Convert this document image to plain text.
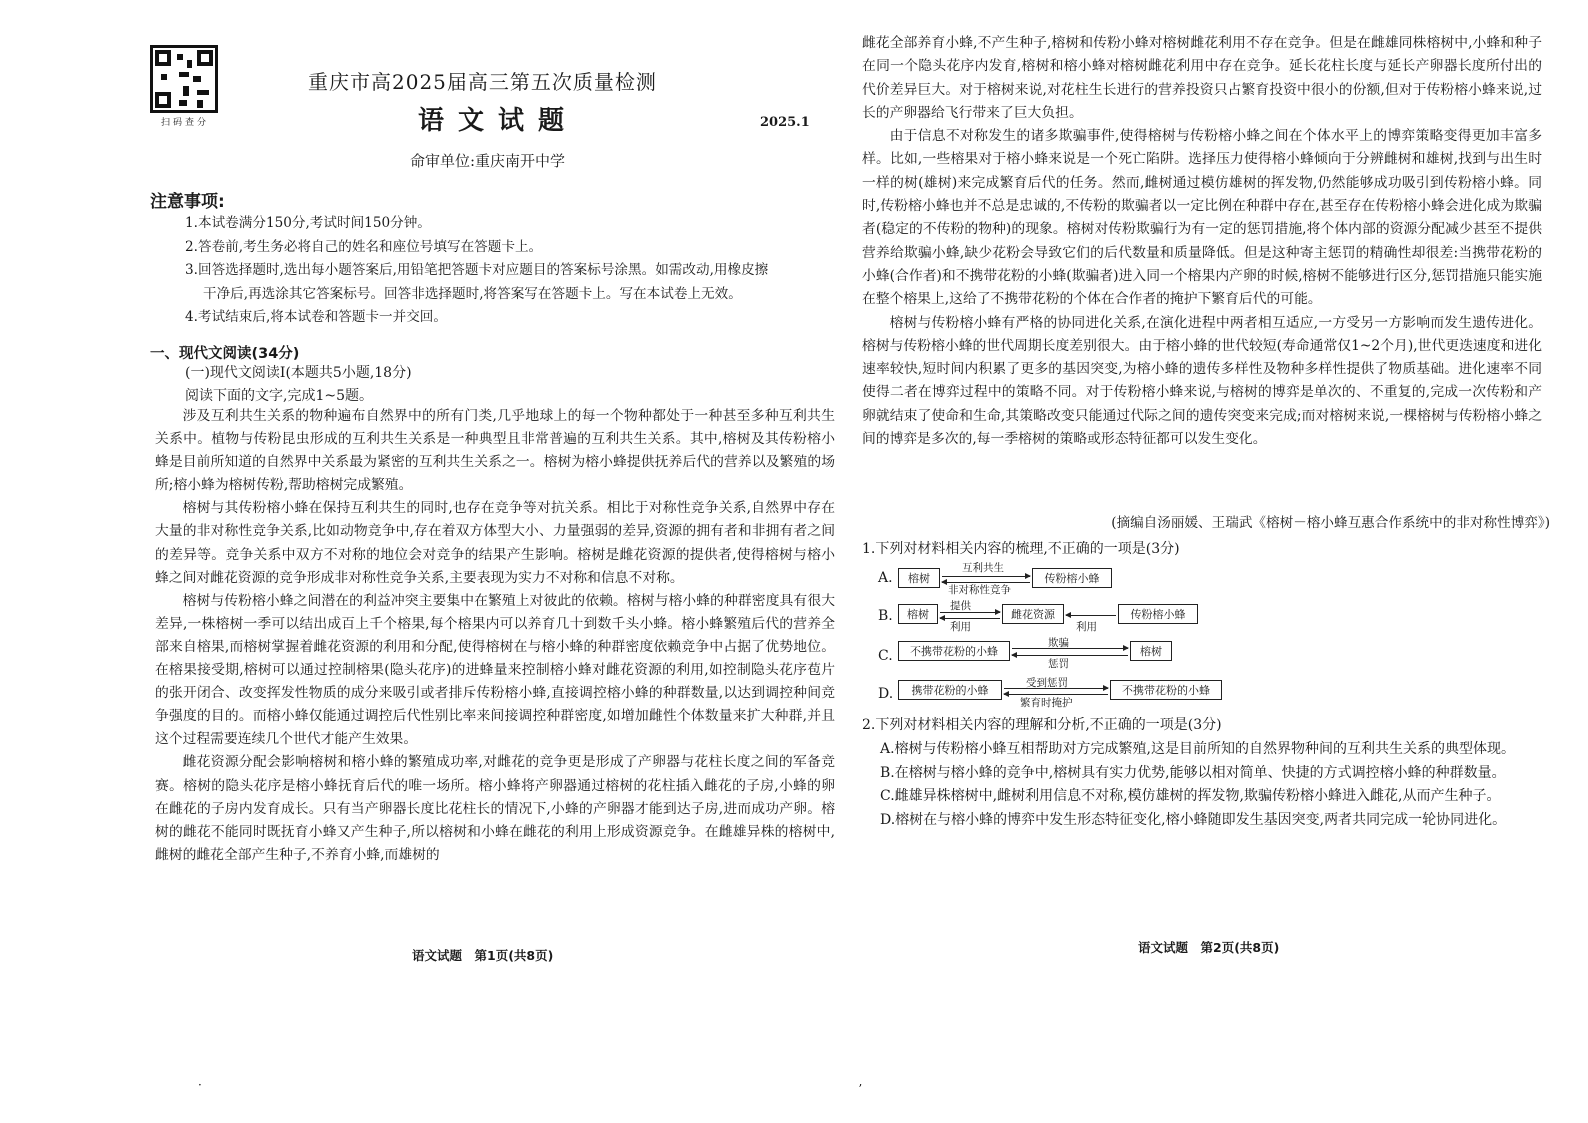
扫码查分
重庆市高2025届高三第五次质量检测
语文试题	2025.1
命审单位:重庆南开中学
注意事项:
1.本试卷满分150分,考试时间150分钟。
2.答卷前,考生务必将自己的姓名和座位号填写在答题卡上。
3.回答选择题时,选出每小题答案后,用铅笔把答题卡对应题目的答案标号涂黑。如需改动,用橡皮擦
干净后,再选涂其它答案标号。回答非选择题时,将答案写在答题卡上。写在本试卷上无效。
4.考试结束后,将本试卷和答题卡一并交回。
一、现代文阅读(34分)
(一)现代文阅读Ⅰ(本题共5小题,18分)
阅读下面的文字,完成1~5题。

涉及互利共生关系的物种遍布自然界中的所有门类,几乎地球上的每一个物种都处于一种甚至多种互利共生关系中。植物与传粉昆虫形成的互利共生关系是一种典型且非常普遍的互利共生关系。其中,榕树及其传粉榕小蜂是目前所知道的自然界中关系最为紧密的互利共生关系之一。榕树为榕小蜂提供抚养后代的营养以及繁殖的场所;榕小蜂为榕树传粉,帮助榕树完成繁殖。

榕树与其传粉榕小蜂在保持互利共生的同时,也存在竞争等对抗关系。相比于对称性竞争关系,自然界中存在大量的非对称性竞争关系,比如动物竞争中,存在着双方体型大小、力量强弱的差异,资源的拥有者和非拥有者之间的差异等。竞争关系中双方不对称的地位会对竞争的结果产生影响。榕树是雌花资源的提供者,使得榕树与榕小蜂之间对雌花资源的竞争形成非对称性竞争关系,主要表现为实力不对称和信息不对称。

榕树与传粉榕小蜂之间潜在的利益冲突主要集中在繁殖上对彼此的依赖。榕树与榕小蜂的种群密度具有很大差异,一株榕树一季可以结出成百上千个榕果,每个榕果内可以养育几十到数千头小蜂。榕小蜂繁殖后代的营养全部来自榕果,而榕树掌握着雌花资源的利用和分配,使得榕树在与榕小蜂的种群密度依赖竞争中占据了优势地位。在榕果接受期,榕树可以通过控制榕果(隐头花序)的进蜂量来控制榕小蜂对雌花资源的利用,如控制隐头花序苞片的张开闭合、改变挥发性物质的成分来吸引或者排斥传粉榕小蜂,直接调控榕小蜂的种群数量,以达到调控种间竞争强度的目的。而榕小蜂仅能通过调控后代性别比率来间接调控种群密度,如增加雌性个体数量来扩大种群,并且这个过程需要连续几个世代才能产生效果。

雌花资源分配会影响榕树和榕小蜂的繁殖成功率,对雌花的竞争更是形成了产卵器与花柱长度之间的军备竞赛。榕树的隐头花序是榕小蜂抚育后代的唯一场所。榕小蜂将产卵器通过榕树的花柱插入雌花的子房,小蜂的卵在雌花的子房内发育成长。只有当产卵器长度比花柱长的情况下,小蜂的产卵器才能到达子房,进而成功产卵。榕树的雌花不能同时既抚育小蜂又产生种子,所以榕树和小蜂在雌花的利用上形成资源竞争。在雌雄异株的榕树中,雌树的雌花全部产生种子,不养育小蜂,而雄树的

语文试题　第1页(共8页)

雌花全部养育小蜂,不产生种子,榕树和传粉小蜂对榕树雌花利用不存在竞争。但是在雌雄同株榕树中,小蜂和种子在同一个隐头花序内发育,榕树和榕小蜂对榕树雌花利用中存在竞争。延长花柱长度与延长产卵器长度所付出的代价差异巨大。对于榕树来说,对花柱生长进行的营养投资只占繁育投资中很小的份额,但对于传粉榕小蜂来说,过长的产卵器给飞行带来了巨大负担。

由于信息不对称发生的诸多欺骗事件,使得榕树与传粉榕小蜂之间在个体水平上的博弈策略变得更加丰富多样。比如,一些榕果对于榕小蜂来说是一个死亡陷阱。选择压力使得榕小蜂倾向于分辨雌树和雄树,找到与出生时一样的树(雄树)来完成繁育后代的任务。然而,雌树通过模仿雄树的挥发物,仍然能够成功吸引到传粉榕小蜂。同时,传粉榕小蜂也并不总是忠诚的,不传粉的欺骗者以一定比例在种群中存在,甚至存在传粉榕小蜂会进化成为欺骗者(稳定的不传粉的物种)的现象。榕树对传粉欺骗行为有一定的惩罚措施,将个体内部的资源分配减少甚至不提供营养给欺骗小蜂,缺少花粉会导致它们的后代数量和质量降低。但是这种寄主惩罚的精确性却很差:当携带花粉的小蜂(合作者)和不携带花粉的小蜂(欺骗者)进入同一个榕果内产卵的时候,榕树不能够进行区分,惩罚措施只能实施在整个榕果上,这给了不携带花粉的个体在合作者的掩护下繁育后代的可能。

榕树与传粉榕小蜂有严格的协同进化关系,在演化进程中两者相互适应,一方受另一方影响而发生遗传进化。榕树与传粉榕小蜂的世代周期长度差别很大。由于榕小蜂的世代较短(寿命通常仅1~2个月),世代更迭速度和进化速率较快,短时间内积累了更多的基因突变,为榕小蜂的遗传多样性及物种多样性提供了物质基础。进化速率不同使得二者在博弈过程中的策略不同。对于传粉榕小蜂来说,与榕树的博弈是单次的、不重复的,完成一次传粉和产卵就结束了使命和生命,其策略改变只能通过代际之间的遗传突变来完成;而对榕树来说,一棵榕树与传粉榕小蜂之间的博弈是多次的,每一季榕树的策略或形态特征都可以发生变化。

(摘编自汤丽媛、王瑞武《榕树－榕小蜂互惠合作系统中的非对称性博弈》)
1.下列对材料相关内容的梳理,不正确的一项是(3分)
A.	榕树
互利共生
非对称性竞争
传粉榕小蜂
B.	榕树
提供
利用
雌花资源
利用
传粉榕小蜂
C.	不携带花粉的小蜂
欺骗
惩罚
榕树
D.	携带花粉的小蜂
受到惩罚
繁育时掩护
不携带花粉的小蜂
2.下列对材料相关内容的理解和分析,不正确的一项是(3分)
A.榕树与传粉榕小蜂互相帮助对方完成繁殖,这是目前所知的自然界物种间的互利共生关系的典型体现。
B.在榕树与榕小蜂的竞争中,榕树具有实力优势,能够以相对简单、快捷的方式调控榕小蜂的种群数量。
C.雌雄异株榕树中,雌树利用信息不对称,模仿雄树的挥发物,欺骗传粉榕小蜂进入雌花,从而产生种子。
D.榕树在与榕小蜂的博弈中发生形态特征变化,榕小蜂随即发生基因突变,两者共同完成一轮协同进化。
语文试题　第2页(共8页)
·	ʼ
